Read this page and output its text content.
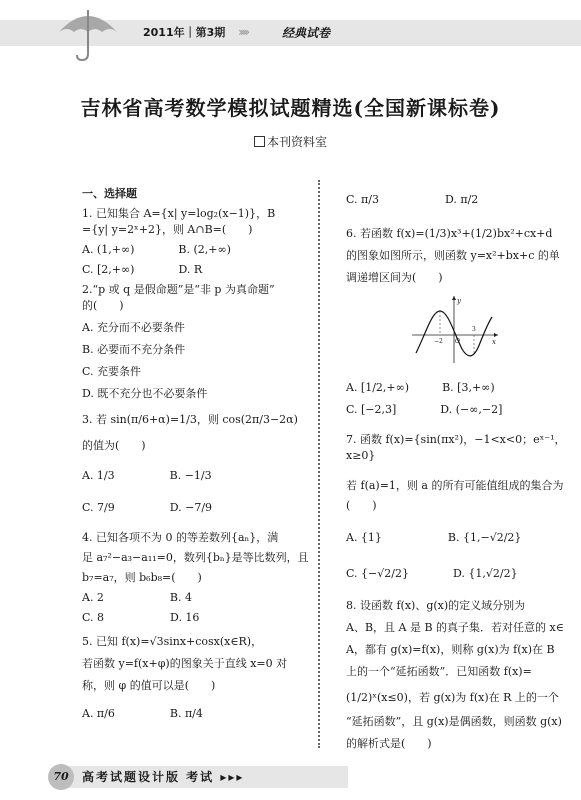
2011年｜第3期 ›››››	经典试卷
吉林省高考数学模拟试题精选(全国新课标卷)
本刊资料室

一、选择题

1. 已知集合 A={x| y=log₂(x−1)}，B

={y| y=2ˣ+2}，则 A∩B=(　　)

A. (1,+∞)　　　　B. (2,+∞)

C. [2,+∞)　　　　D. R

2.“p 或 q 是假命题”是“非 p 为真命题”

的(　　)

A. 充分而不必要条件

B. 必要而不充分条件

C. 充要条件

D. 既不充分也不必要条件

3. 若 sin(π/6+α)=1/3，则 cos(2π/3−2α)

的值为(　　)

A. 1/3　　　　　B. −1/3

C. 7/9　　　　　D. −7/9

4. 已知各项不为 0 的等差数列{aₙ}，满

足 a₇²−a₃−a₁₁=0，数列{bₙ}是等比数列，且

b₇=a₇，则 b₆b₈=(　　)

A. 2　　　　　　B. 4

C. 8　　　　　　D. 16

5. 已知 f(x)=√3sinx+cosx(x∈R)，

若函数 y=f(x+φ)的图象关于直线 x=0 对

称，则 φ 的值可以是(　　)

A. π/6　　　　　B. π/4

C. π/3　　　　　　D. π/2

6. 若函数 f(x)=(1/3)x³+(1/2)bx²+cx+d

的图象如图所示，则函数 y=x²+bx+c 的单

调递增区间为(　　)

y
x
O
−2
3

A. [1/2,+∞)　　　B. [3,+∞)

C. [−2,3]　　　　D. (−∞,−2]

7. 函数 f(x)={sin(πx²)，−1<x<0；eˣ⁻¹，x≥0}

若 f(a)=1，则 a 的所有可能值组成的集合为

(　　)

A. {1}　　　　　　B. {1,−√2/2}

C. {−√2/2}　　　　D. {1,√2/2}

8. 设函数 f(x)、g(x)的定义域分别为

A、B，且 A 是 B 的真子集．若对任意的 x∈

A，都有 g(x)=f(x)，则称 g(x)为 f(x)在 B

上的一个“延拓函数”．已知函数 f(x)=

(1/2)ˣ(x≤0)，若 g(x)为 f(x)在 R 上的一个

“延拓函数”，且 g(x)是偶函数，则函数 g(x)

的解析式是(　　)

70	高考试题设计版 考试 ▸▸▸
